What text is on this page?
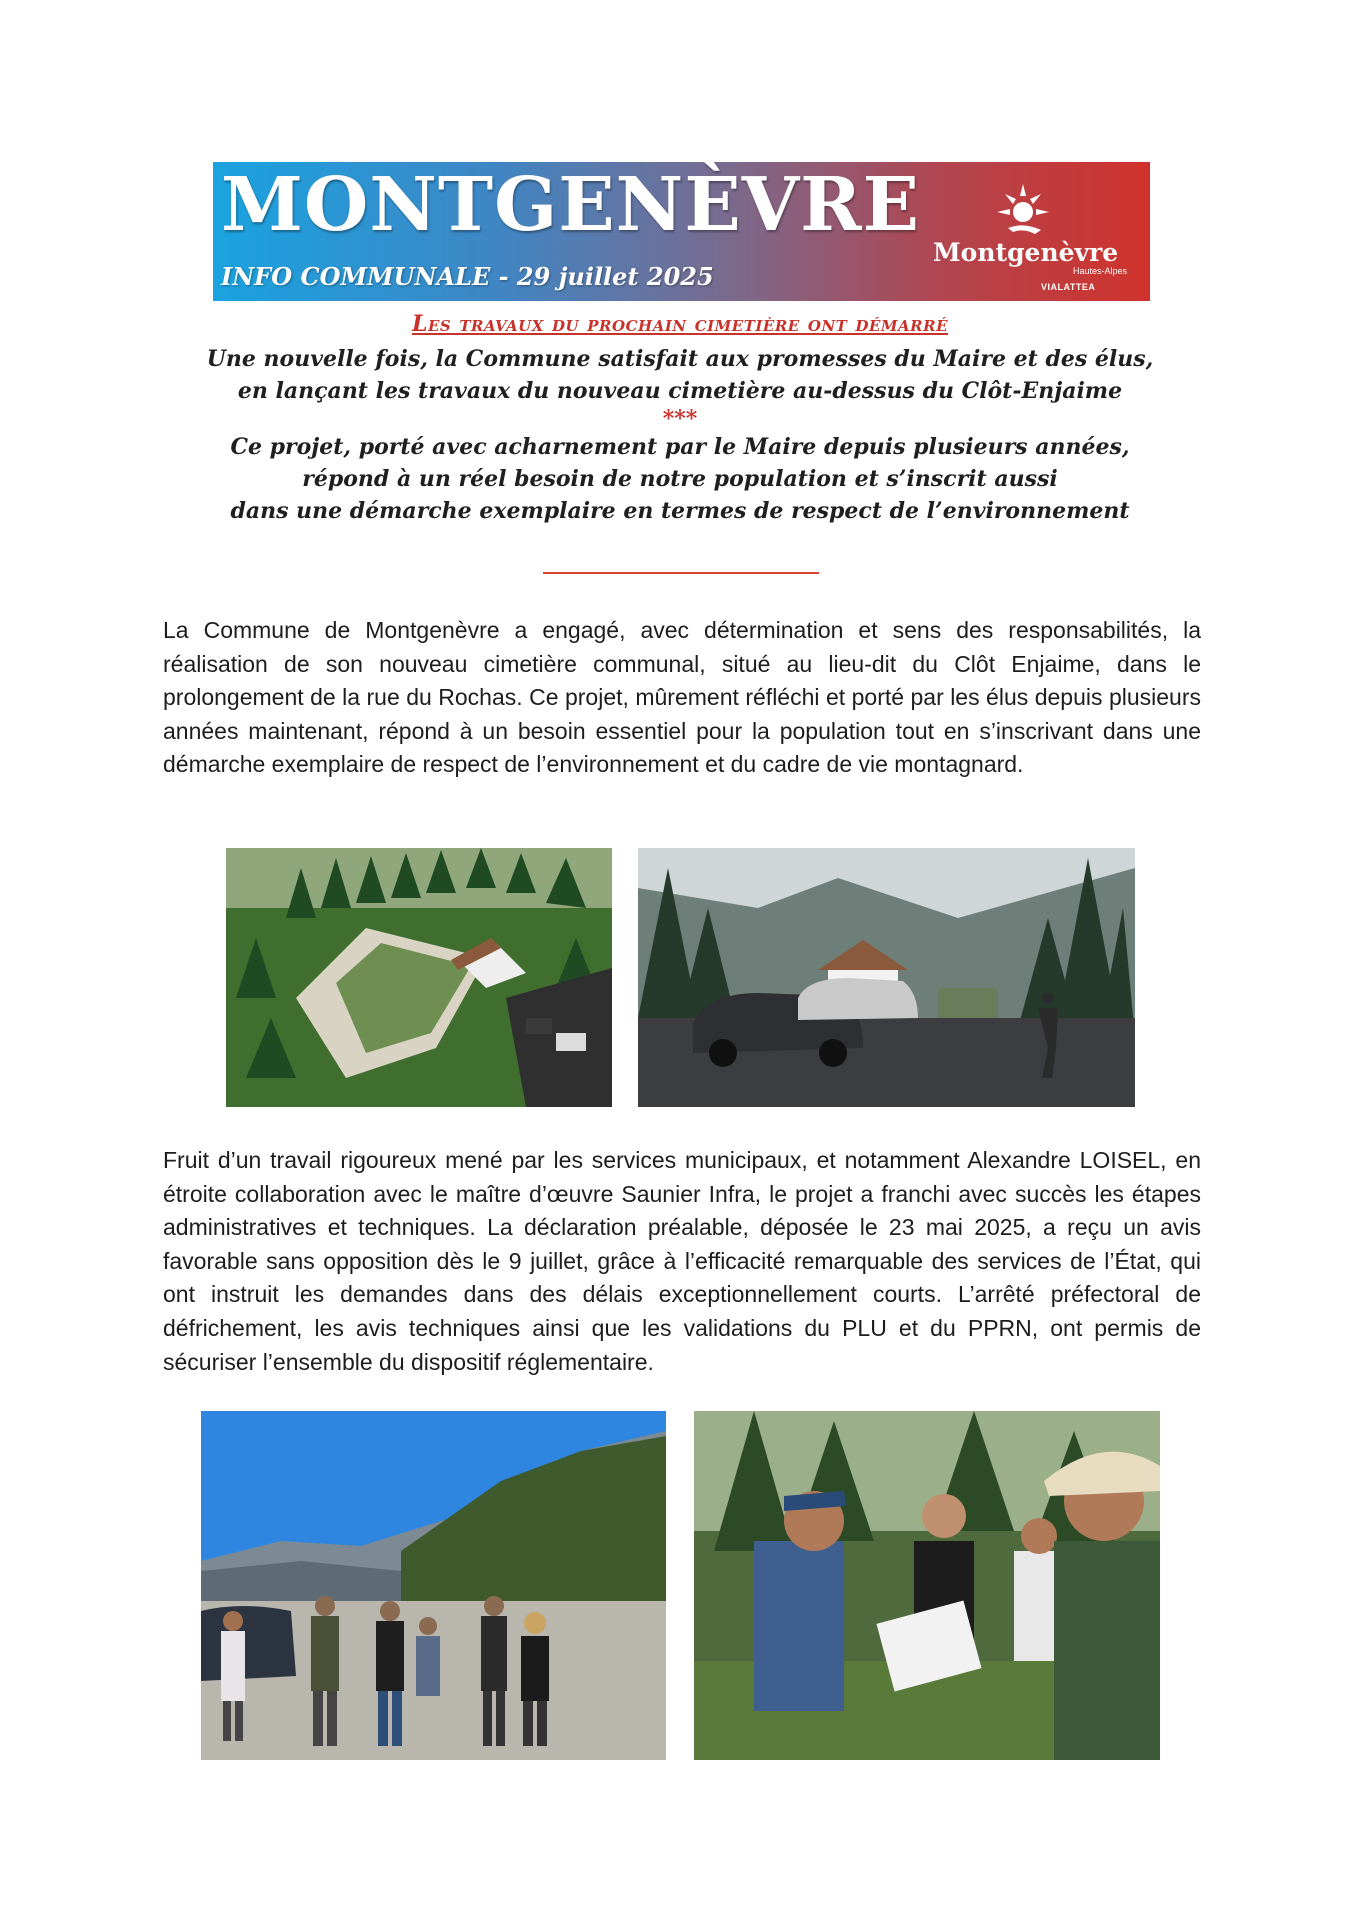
MONTGENÈVRE
INFO COMMUNALE - 29 juillet 2025
Montgenèvre
Hautes-Alpes
VIALATTEA

Les travaux du prochain cimetière ont démarré

Une nouvelle fois, la Commune satisfait aux promesses du Maire et des élus,

en lançant les travaux du nouveau cimetière au-dessus du Clôt-Enjaime

***

Ce projet, porté avec acharnement par le Maire depuis plusieurs années,

répond à un réel besoin de notre population et s’inscrit aussi

dans une démarche exemplaire en termes de respect de l’environnement

La Commune de Montgenèvre a engagé, avec détermination et sens des responsabilités, la réalisation de son nouveau cimetière communal, situé au lieu-dit du Clôt Enjaime, dans le prolongement de la rue du Rochas. Ce projet, mûrement réfléchi et porté par les élus depuis plusieurs années maintenant, répond à un besoin essentiel pour la population tout en s’inscrivant dans une démarche exemplaire de respect de l’environnement et du cadre de vie montagnard.

Fruit d’un travail rigoureux mené par les services municipaux, et notamment Alexandre LOISEL, en étroite collaboration avec le maître d’œuvre Saunier Infra, le projet a franchi avec succès les étapes administratives et techniques. La déclaration préalable, déposée le 23 mai 2025, a reçu un avis favorable sans opposition dès le 9 juillet, grâce à l’efficacité remarquable des services de l’État, qui ont instruit les demandes dans des délais exceptionnellement courts. L’arrêté préfectoral de défrichement, les avis techniques ainsi que les validations du PLU et du PPRN, ont permis de sécuriser l’ensemble du dispositif réglementaire.
